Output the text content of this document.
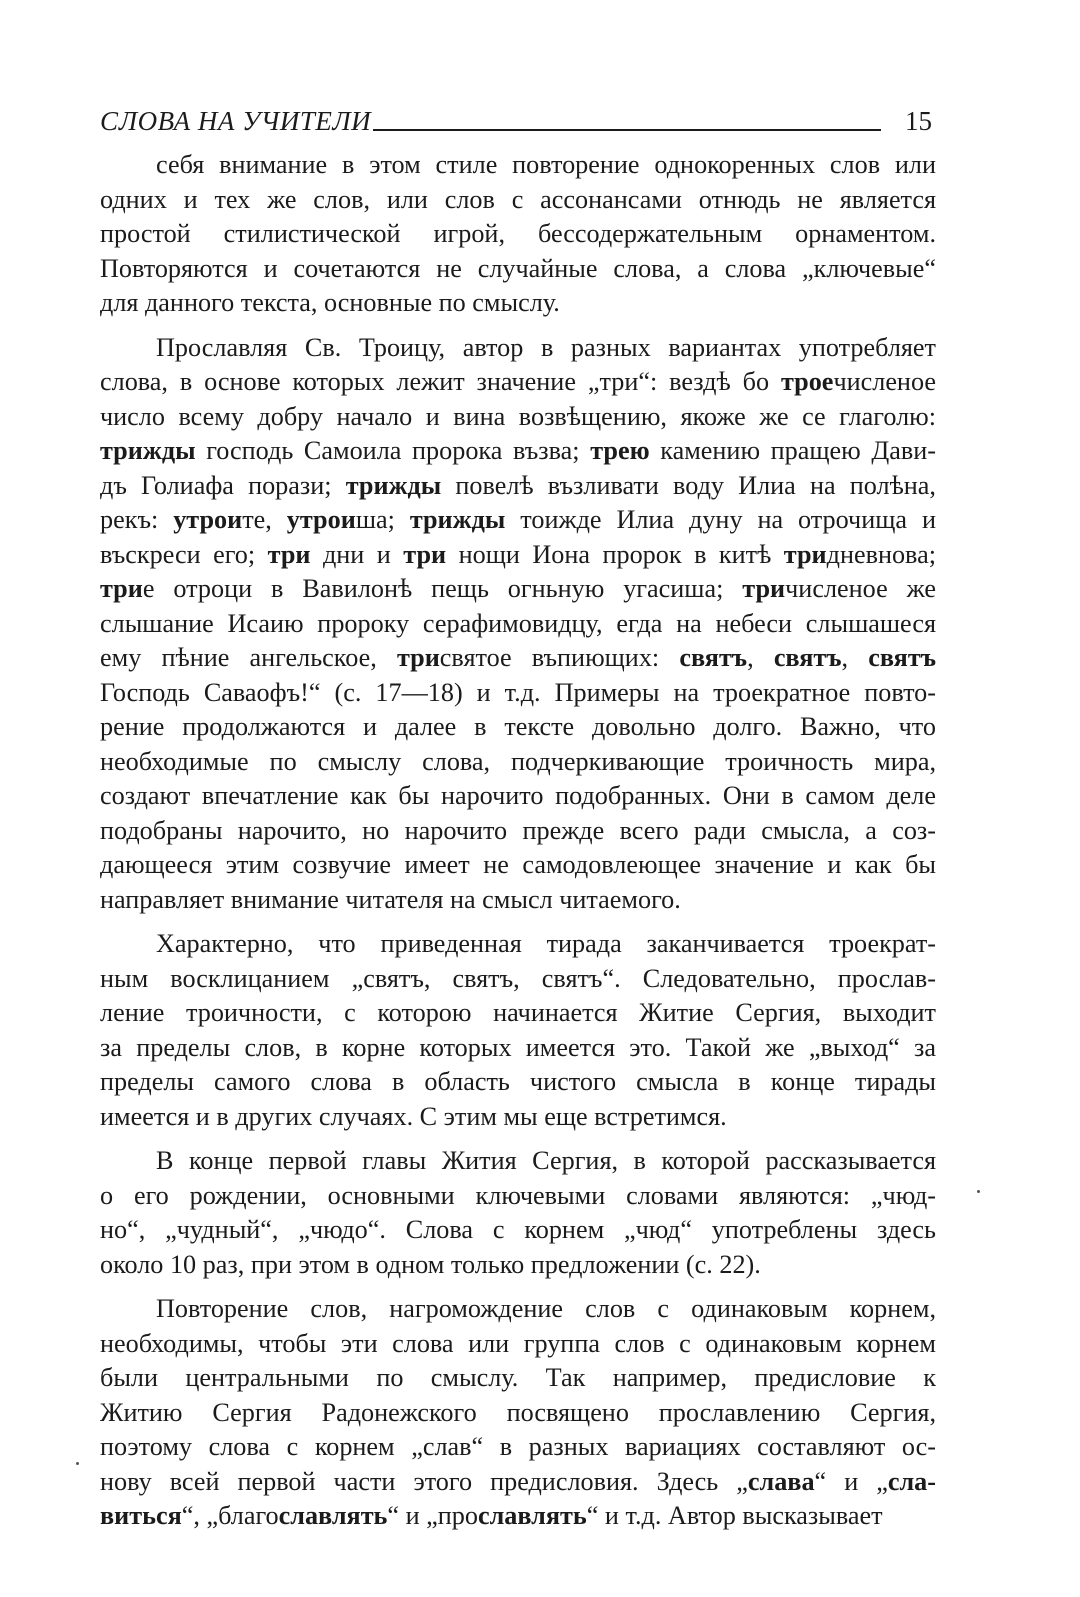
СЛОВА НА УЧИТЕЛИ	15
себя внимание в этом стиле повторение однокоренных слов или
одних и тех же слов, или слов с ассонансами отнюдь не является
простой стилистической игрой, бессодержательным орнаментом.
Повторяются и сочетаются не случайные слова, а слова „ключевые“
для данного текста, основные по смыслу.
Прославляя Св. Троицу, автор в разных вариантах употребляет
слова, в основе которых лежит значение „три“: вездѣ бо троечисленое
число всему добру начало и вина возвѣщению, якоже же се глаголю:
трижды господь Самоила пророка възва; трею камению пращею Дави-
дъ Голиафа порази; трижды повелѣ възливати воду Илиа на полѣна,
рекъ: утроите, утроиша; трижды тоижде Илиа дуну на отрочища и
въскреси его; три дни и три нощи Иона пророк в китѣ тридневнова;
трие отроци в Вавилонѣ пещь огньную угасиша; тричисленое же
слышание Исаию пророку серафимовидцу, егда на небеси слышашеся
ему пѣние ангельское, трисвятое въпиющих: святъ, святъ, святъ
Господь Саваофъ!“ (с. 17—18) и т.д. Примеры на троекратное повто-
рение продолжаются и далее в тексте довольно долго. Важно, что
необходимые по смыслу слова, подчеркивающие троичность мира,
создают впечатление как бы нарочито подобранных. Они в самом деле
подобраны нарочито, но нарочито прежде всего ради смысла, а соз-
дающееся этим созвучие имеет не самодовлеющее значение и как бы
направляет внимание читателя на смысл читаемого.
Характерно, что приведенная тирада заканчивается троекрат-
ным восклицанием „святъ, святъ, святъ“. Следовательно, прослав-
ление троичности, с которою начинается Житие Сергия, выходит
за пределы слов, в корне которых имеется это. Такой же „выход“ за
пределы самого слова в область чистого смысла в конце тирады
имеется и в других случаях. С этим мы еще встретимся.
В конце первой главы Жития Сергия, в которой рассказывается
о его рождении, основными ключевыми словами являются: „чюд-
но“, „чудный“, „чюдо“. Слова с корнем „чюд“ употреблены здесь
около 10 раз, при этом в одном только предложении (с. 22).
Повторение слов, нагромождение слов с одинаковым корнем,
необходимы, чтобы эти слова или группа слов с одинаковым корнем
были центральными по смыслу. Так например, предисловие к
Житию Сергия Радонежского посвящено прославлению Сергия,
поэтому слова с корнем „слав“ в разных вариациях составляют ос-
нову всей первой части этого предисловия. Здесь „слава“ и „сла-
виться“, „благославлять“ и „прославлять“ и т.д. Автор высказывает
